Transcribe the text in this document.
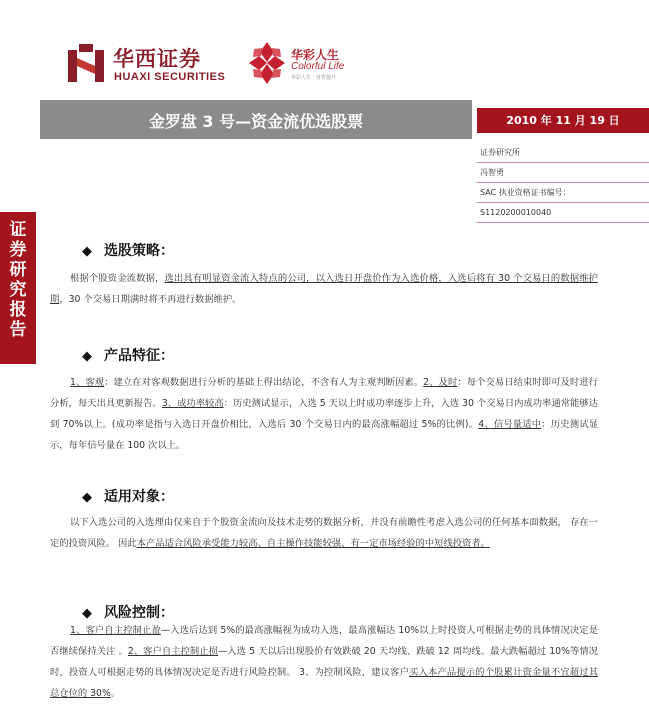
华西证券
HUAXI SECURITIES
华彩人生
Colorful Life
华彩人生　财智提升
金罗盘 3 号—资金流优选股票	2010 年 11 月 19 日
证券研究报告
证券研究所
冯智勇
SAC 执业资格证书编号：
S1120200010040
◆ 选股策略：
根据个股资金流数据，选出具有明显资金流入特点的公司，以入选日开盘价作为入选价格，入选后将有 30 个交易日的数据维护期，30 个交易日期满时将不再进行数据维护。
◆ 产品特征：
1、客观：建立在对客观数据进行分析的基础上得出结论，不含有人为主观判断因素。2、及时：每个交易日结束时即可及时进行分析，每天出具更新报告。3、成功率较高：历史测试显示，入选 5 天以上时成功率逐步上升，入选 30 个交易日内成功率通常能够达到 70%以上。(成功率是指与入选日开盘价相比，入选后 30 个交易日内的最高涨幅超过 5%的比例)。4、信号量适中：历史测试显示，每年信号量在 100 次以上。
◆ 适用对象：
以下入选公司的入选理由仅来自于个股资金流向及技术走势的数据分析，并没有前瞻性考虑入选公司的任何基本面数据， 存在一定的投资风险。 因此本产品适合风险承受能力较高、自主操作技能较强、有一定市场经验的中短线投资者。
◆ 风险控制：
1、客户自主控制止盈—入选后达到 5%的最高涨幅视为成功入选，最高涨幅达 10%以上时投资人可根据走势的具体情况决定是否继续保持关注 。2、客户自主控制止损—入选 5 天以后出现股价有效跌破 20 天均线、跌破 12 周均线、最大跌幅超过 10%等情况时，投资人可根据走势的具体情况决定是否进行风险控制。 3、为控制风险，建议客户买入本产品提示的个股累计资金量不宜超过其总仓位的 30%。
